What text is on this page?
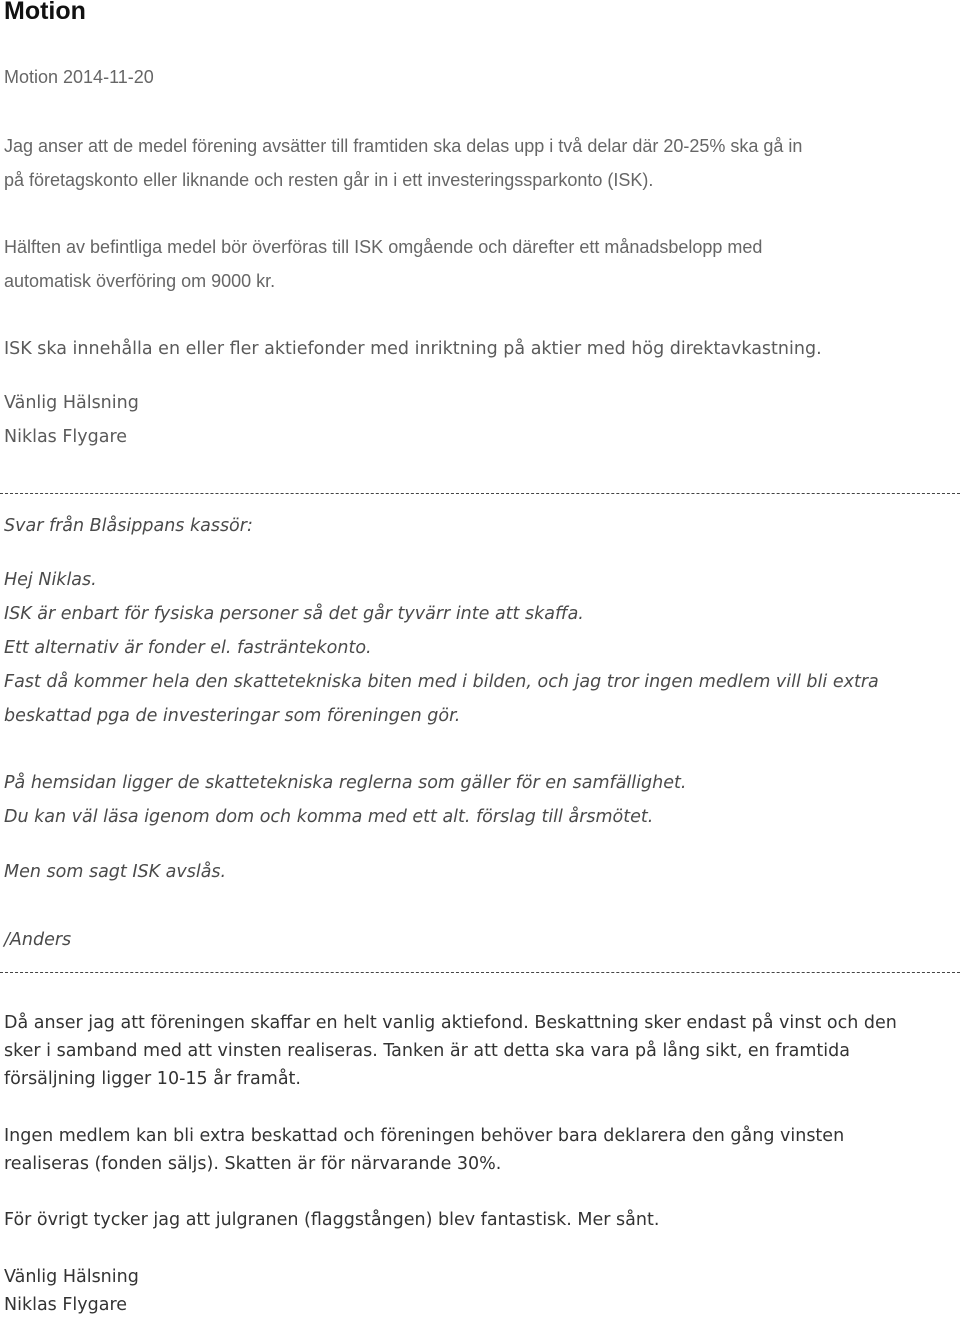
Motion

Motion 2014-11-20

Jag anser att de medel förening avsätter till framtiden ska delas upp i två delar där 20-25% ska gå in

på företagskonto eller liknande och resten går in i ett investeringssparkonto (ISK).

Hälften av befintliga medel bör överföras till ISK omgående och därefter ett månadsbelopp med

automatisk överföring om 9000 kr.

ISK ska innehålla en eller fler aktiefonder med inriktning på aktier med hög direktavkastning.

Vänlig Hälsning

Niklas Flygare

Svar från Blåsippans kassör:

Hej Niklas.

ISK är enbart för fysiska personer så det går tyvärr inte att skaffa.

Ett alternativ är fonder el. fasträntekonto.

Fast då kommer hela den skattetekniska biten med i bilden, och jag tror ingen medlem vill bli extra

beskattad pga de investeringar som föreningen gör.

På hemsidan ligger de skattetekniska reglerna som gäller för en samfällighet.

Du kan väl läsa igenom dom och komma med ett alt. förslag till årsmötet.

Men som sagt ISK avslås.

/Anders

Då anser jag att föreningen skaffar en helt vanlig aktiefond. Beskattning sker endast på vinst och den

sker i samband med att vinsten realiseras. Tanken är att detta ska vara på lång sikt, en framtida

försäljning ligger 10-15 år framåt.

Ingen medlem kan bli extra beskattad och föreningen behöver bara deklarera den gång vinsten

realiseras (fonden säljs). Skatten är för närvarande 30%.

För övrigt tycker jag att julgranen (flaggstången) blev fantastisk. Mer sånt.

Vänlig Hälsning

Niklas Flygare
